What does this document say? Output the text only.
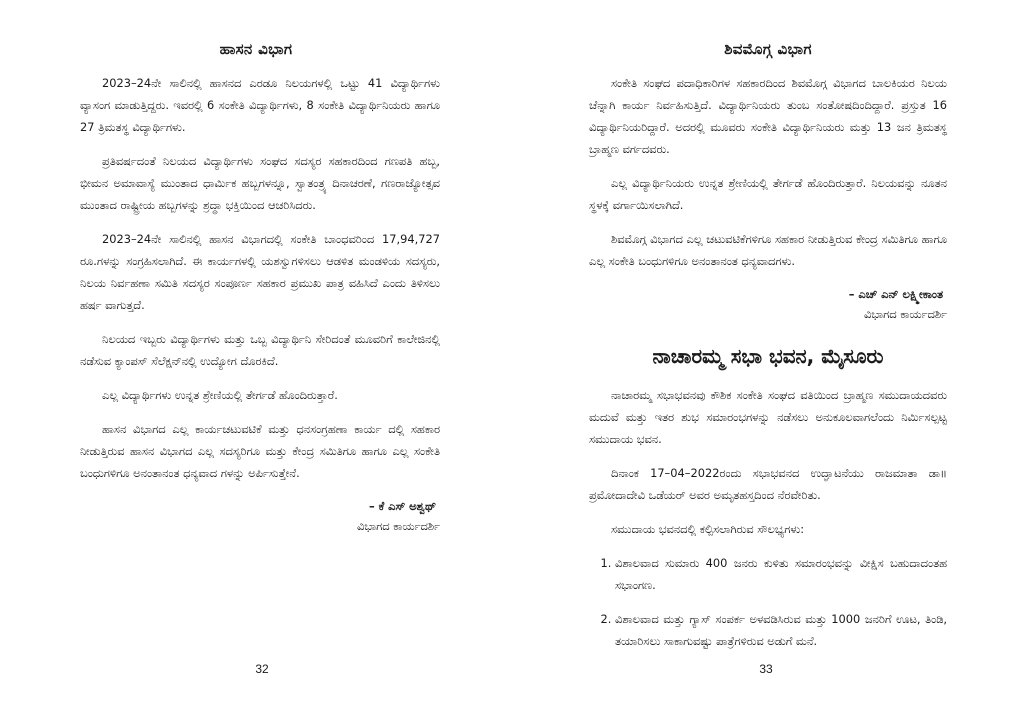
ಹಾಸನ ವಿಭಾಗ

2023–24ನೇ ಸಾಲಿನಲ್ಲಿ ಹಾಸನದ ಎರಡೂ ನಿಲಯಗಳಲ್ಲಿ ಒಟ್ಟು 41 ವಿದ್ಯಾರ್ಥಿಗಳು ವ್ಯಾಸಂಗ ಮಾಡುತ್ತಿದ್ದರು. ಇವರಲ್ಲಿ 6 ಸಂಕೇತಿ ವಿದ್ಯಾರ್ಥಿಗಳು, 8 ಸಂಕೇತಿ ವಿದ್ಯಾರ್ಥಿನಿಯರು ಹಾಗೂ 27 ತ್ರಿಮತಸ್ಥ ವಿದ್ಯಾರ್ಥಿಗಳು.

ಪ್ರತಿವರ್ಷದಂತೆ ನಿಲಯದ ವಿದ್ಯಾರ್ಥಿಗಳು ಸಂಘದ ಸದಸ್ಯರ ಸಹಕಾರದಿಂದ ಗಣಪತಿ ಹಬ್ಬ, ಭೀಮನ ಅಮಾವಾಸ್ಯೆ ಮುಂತಾದ ಧಾರ್ಮಿಕ ಹಬ್ಬಗಳನ್ನೂ, ಸ್ವಾತಂತ್ರ್ಯ ದಿನಾಚರಣೆ, ಗಣರಾಜ್ಯೋತ್ಸವ ಮುಂತಾದ ರಾಷ್ಟ್ರೀಯ ಹಬ್ಬಗಳನ್ನು ಶ್ರದ್ಧಾ ಭಕ್ತಿಯಿಂದ ಆಚರಿಸಿದರು.

2023–24ನೇ ಸಾಲಿನಲ್ಲಿ ಹಾಸನ ವಿಭಾಗದಲ್ಲಿ ಸಂಕೇತಿ ಬಾಂಧವರಿಂದ 17,94,727 ರೂ.ಗಳನ್ನು ಸಂಗ್ರಹಿಸಲಾಗಿದೆ. ಈ ಕಾರ್ಯಗಳಲ್ಲಿ ಯಶಸ್ವುಗಳಿಸಲು ಆಡಳಿತ ಮಂಡಳಿಯ ಸದಸ್ಯರು, ನಿಲಯ ನಿರ್ವಹಣಾ ಸಮಿತಿ ಸದಸ್ಯರ ಸಂಪೂರ್ಣ ಸಹಕಾರ ಪ್ರಮುಖ ಪಾತ್ರ ವಹಿಸಿದೆ ಎಂದು ತಿಳಿಸಲು ಹರ್ಷ ವಾಗುತ್ತದೆ.

ನಿಲಯದ ಇಬ್ಬರು ವಿದ್ಯಾರ್ಥಿಗಳು ಮತ್ತು ಒಬ್ಬ ವಿದ್ಯಾರ್ಥಿನಿ ಸೇರಿದಂತೆ ಮೂವರಿಗೆ ಕಾಲೇಜಿನಲ್ಲಿ ನಡೆಸುವ ಕ್ಯಾಂಪಸ್ ಸೆಲೆಕ್ಷನ್‌ನಲ್ಲಿ ಉದ್ಯೋಗ ದೊರಕಿದೆ.

ಎಲ್ಲ ವಿದ್ಯಾರ್ಥಿಗಳು ಉನ್ನತ ಶ್ರೇಣಿಯಲ್ಲಿ ತೇರ್ಗಡೆ ಹೊಂದಿರುತ್ತಾರೆ.

ಹಾಸನ ವಿಭಾಗದ ಎಲ್ಲ ಕಾರ್ಯಚಟುವಟಿಕೆ ಮತ್ತು ಧನಸಂಗ್ರಹಣಾ ಕಾರ್ಯ ದಲ್ಲಿ ಸಹಕಾರ ನೀಡುತ್ತಿರುವ ಹಾಸನ ವಿಭಾಗದ ಎಲ್ಲ ಸದಸ್ಯರಿಗೂ ಮತ್ತು ಕೇಂದ್ರ ಸಮಿತಿಗೂ ಹಾಗೂ ಎಲ್ಲ ಸಂಕೇತಿ ಬಂಧುಗಳಿಗೂ ಅನಂತಾನಂತ ಧನ್ಯವಾದ ಗಳನ್ನು ಅರ್ಪಿಸುತ್ತೇನೆ.

– ಕೆ ಎಸ್ ಅಶ್ವಥ್
ವಿಭಾಗದ ಕಾರ್ಯದರ್ಶಿ
32
ಶಿವಮೊಗ್ಗ ವಿಭಾಗ

ಸಂಕೇತಿ ಸಂಘದ ಪದಾಧಿಕಾರಿಗಳ ಸಹಕಾರದಿಂದ ಶಿವಮೊಗ್ಗ ವಿಭಾಗದ ಬಾಲಕಿಯರ ನಿಲಯ ಚೆನ್ನಾಗಿ ಕಾರ್ಯ ನಿರ್ವಹಿಸುತ್ತಿದೆ. ವಿದ್ಯಾರ್ಥಿನಿಯರು ತುಂಬ ಸಂತೋಷದಿಂದಿದ್ದಾರೆ. ಪ್ರಸ್ತುತ 16 ವಿದ್ಯಾರ್ಥಿನಿಯರಿದ್ದಾರೆ. ಅದರಲ್ಲಿ ಮೂವರು ಸಂಕೇತಿ ವಿದ್ಯಾರ್ಥಿನಿಯರು ಮತ್ತು 13 ಜನ ತ್ರಿಮತಸ್ಥ ಬ್ರಾಹ್ಮಣ ವರ್ಗದವರು.

ಎಲ್ಲ ವಿದ್ಯಾರ್ಥಿನಿಯರು ಉನ್ನತ ಶ್ರೇಣಿಯಲ್ಲಿ ತೇರ್ಗಡೆ ಹೊಂದಿರುತ್ತಾರೆ. ನಿಲಯವನ್ನು ನೂತನ ಸ್ಥಳಕ್ಕೆ ವರ್ಗಾಯಿಸಲಾಗಿದೆ.

ಶಿವಮೊಗ್ಗ ವಿಭಾಗದ ಎಲ್ಲ ಚಟುವಟಿಕೆಗಳಿಗೂ ಸಹಕಾರ ನೀಡುತ್ತಿರುವ ಕೇಂದ್ರ ಸಮಿತಿಗೂ ಹಾಗೂ ಎಲ್ಲ ಸಂಕೇತಿ ಬಂಧುಗಳಿಗೂ ಅನಂತಾನಂತ ಧನ್ಯವಾದಗಳು.

– ಎಚ್ ಎನ್ ಲಕ್ಷ್ಮೀಕಾಂತ
ವಿಭಾಗದ ಕಾರ್ಯದರ್ಶಿ
ನಾಚಾರಮ್ಮ ಸಭಾ ಭವನ, ಮೈಸೂರು

ನಾಚಾರಮ್ಮ ಸಭಾಭವನವು ಕೌಶಿಕ ಸಂಕೇತಿ ಸಂಘದ ವತಿಯಿಂದ ಬ್ರಾಹ್ಮಣ ಸಮುದಾಯದವರು ಮದುವೆ ಮತ್ತು ಇತರ ಶುಭ ಸಮಾರಂಭಗಳನ್ನು ನಡೆಸಲು ಅನುಕೂಲವಾಗಲೆಂದು ನಿರ್ಮಿಸಲ್ಪಟ್ಟ ಸಮುದಾಯ ಭವನ.

ದಿನಾಂಕ 17–04–2022ರಂದು ಸಭಾಭವನದ ಉದ್ಘಾಟನೆಯು ರಾಜಮಾತಾ ಡಾ॥ ಪ್ರಮೋದಾದೇವಿ ಒಡೆಯರ್ ಅವರ ಅಮೃತಹಸ್ತದಿಂದ ನೆರವೇರಿತು.

ಸಮುದಾಯ ಭವನದಲ್ಲಿ ಕಲ್ಪಿಸಲಾಗಿರುವ ಸೌಲಭ್ಯಗಳು:

1. ವಿಶಾಲವಾದ ಸುಮಾರು 400 ಜನರು ಕುಳಿತು ಸಮಾರಂಭವನ್ನು ವೀಕ್ಷಿಸ ಬಹುದಾದಂತಹ ಸಭಾಂಗಣ.
2. ವಿಶಾಲವಾದ ಮತ್ತು ಗ್ಯಾಸ್ ಸಂಪರ್ಕ ಅಳವಡಿಸಿರುವ ಮತ್ತು 1000 ಜನರಿಗೆ ಊಟ, ತಿಂಡಿ, ತಯಾರಿಸಲು ಸಾಕಾಗುವಷ್ಟು ಪಾತ್ರೆಗಳಿರುವ ಅಡುಗೆ ಮನೆ.
33
